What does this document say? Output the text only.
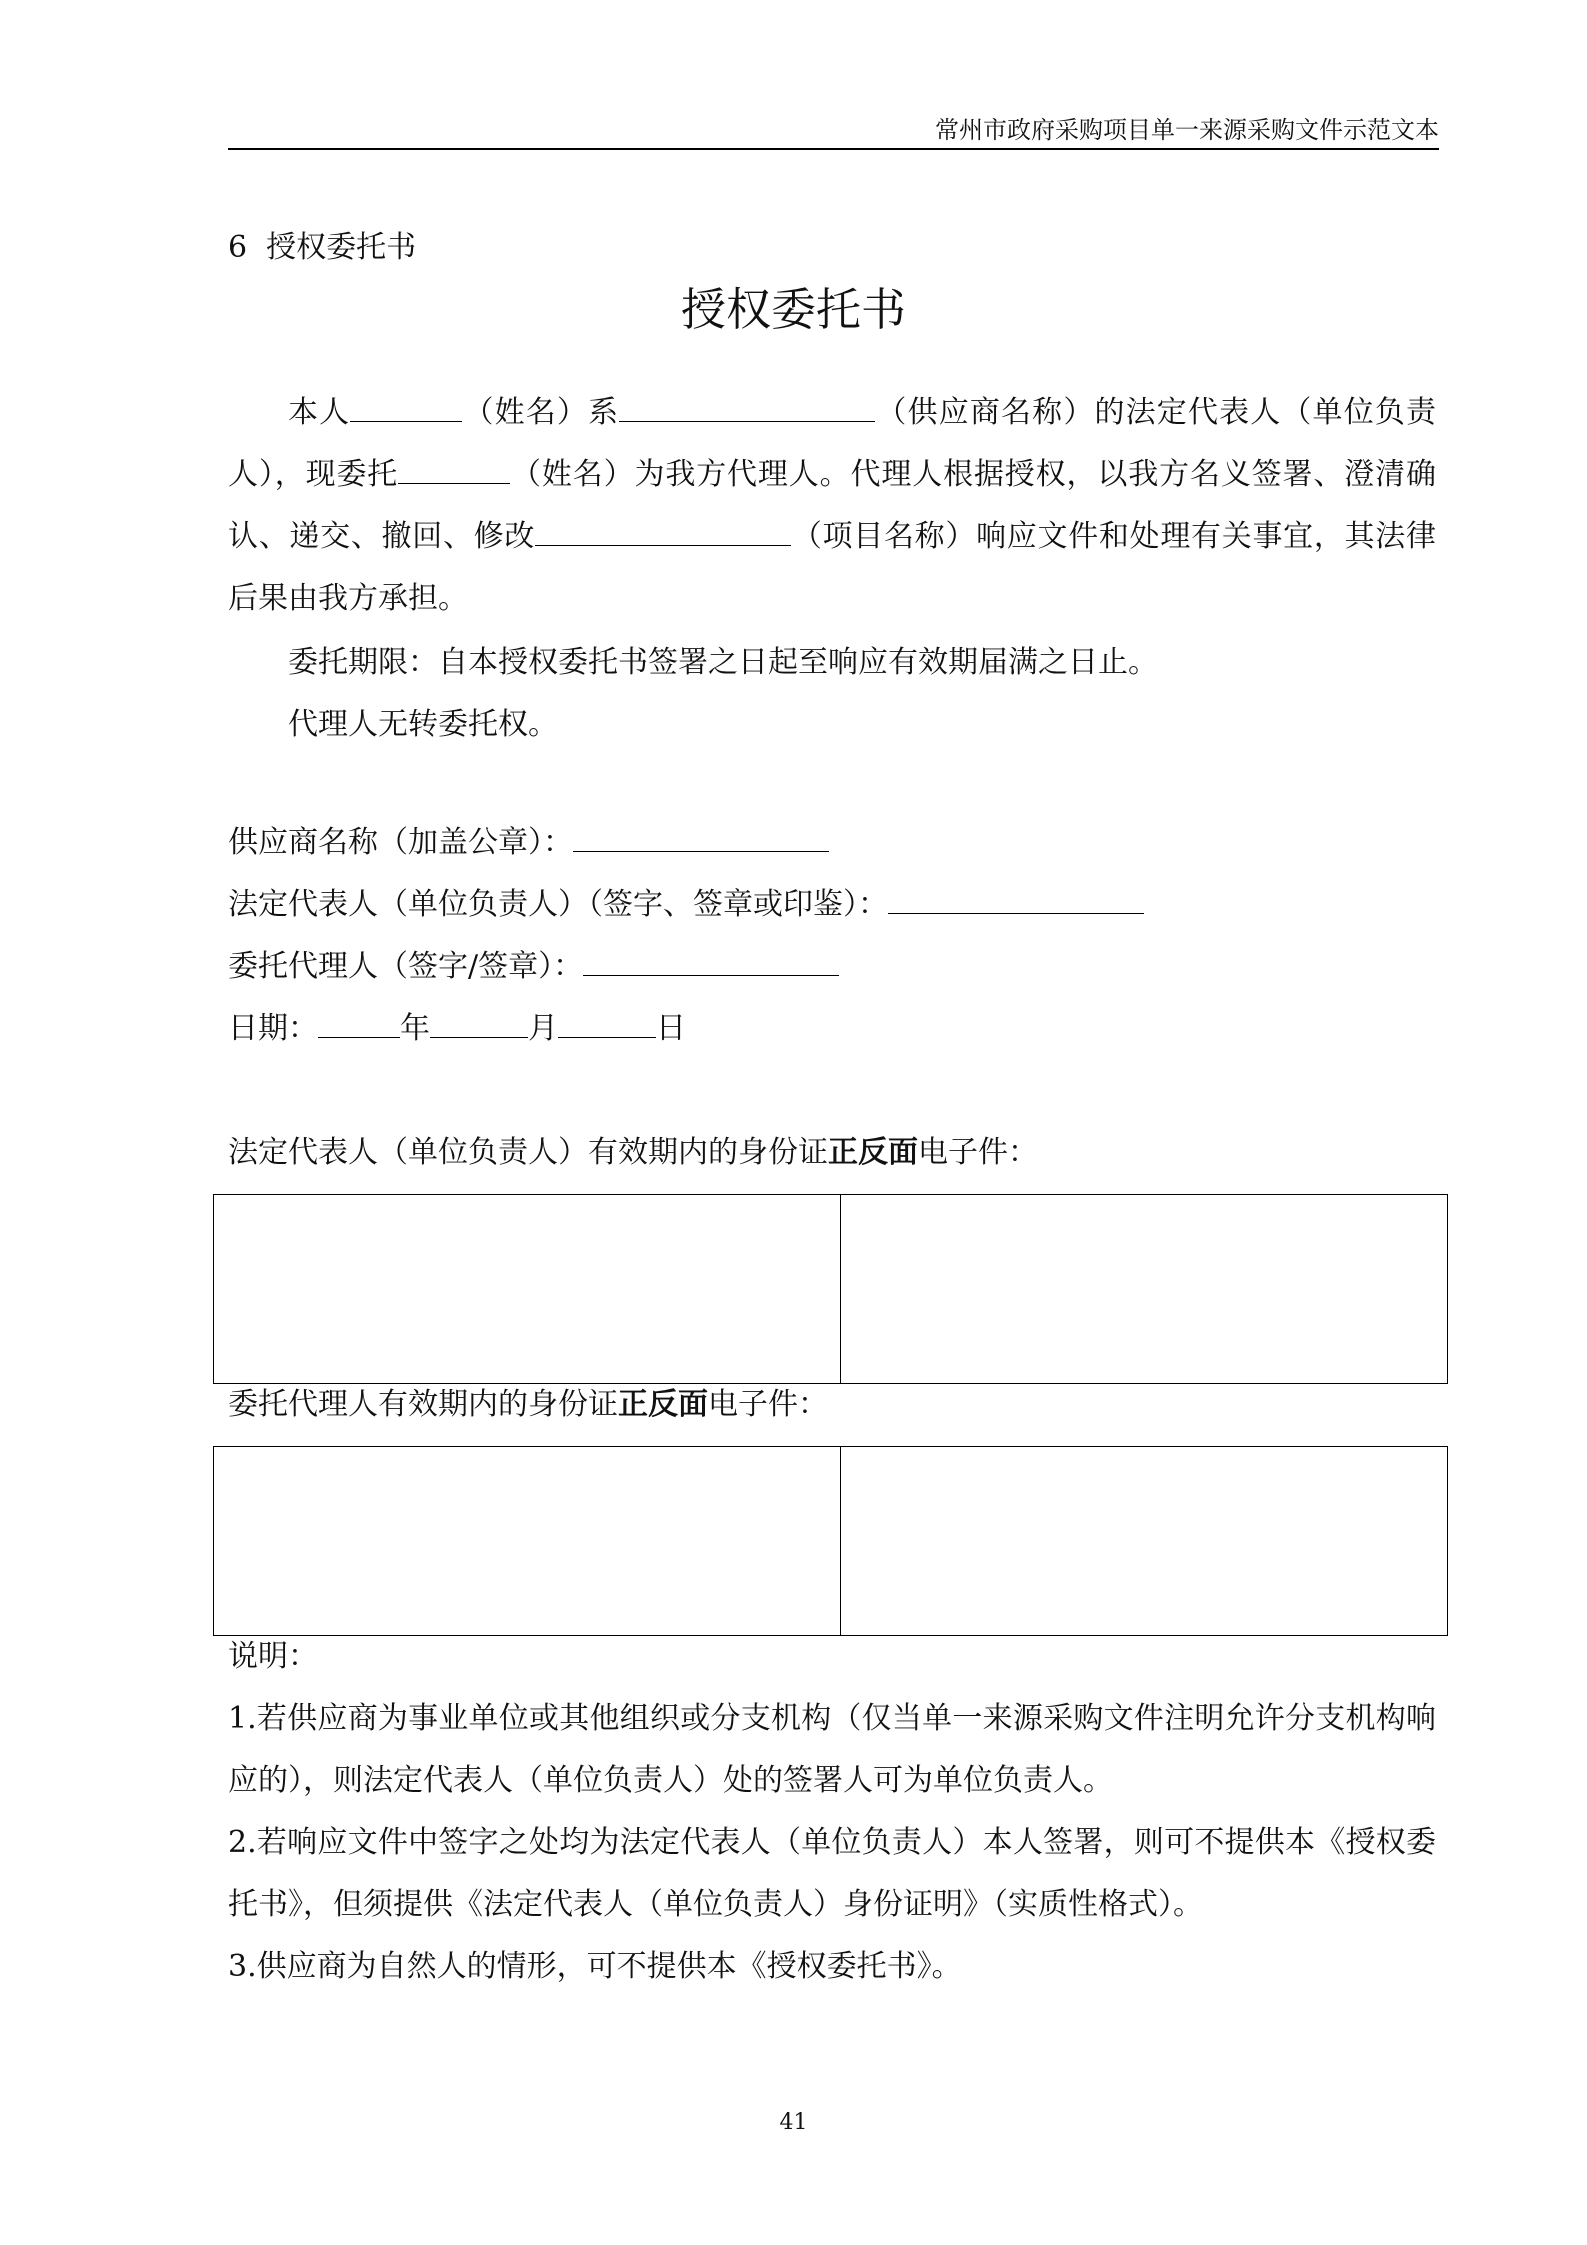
常州市政府采购项目单一来源采购文件示范文本
6 授权委托书
授权委托书
本人	（姓名）系	（供应商名称）的法定代表人（单位负责人），现委托	（姓名）为我方代理人。代理人根据授权，以我方名义签署、澄清确认、递交、撤回、修改	（项目名称）响应文件和处理有关事宜，其法律后果由我方承担。
委托期限：自本授权委托书签署之日起至响应有效期届满之日止。
代理人无转委托权。
供应商名称（加盖公章）：
法定代表人（单位负责人）（签字、签章或印鉴）：
委托代理人（签字/签章）：
日期：	年	月	日
法定代表人（单位负责人）有效期内的身份证正反面电子件：
委托代理人有效期内的身份证正反面电子件：
说明：
1.若供应商为事业单位或其他组织或分支机构（仅当单一来源采购文件注明允许分支机构响应的），则法定代表人（单位负责人）处的签署人可为单位负责人。
2.若响应文件中签字之处均为法定代表人（单位负责人）本人签署，则可不提供本《授权委托书》，但须提供《法定代表人（单位负责人）身份证明》（实质性格式）。
3.供应商为自然人的情形，可不提供本《授权委托书》。
41
